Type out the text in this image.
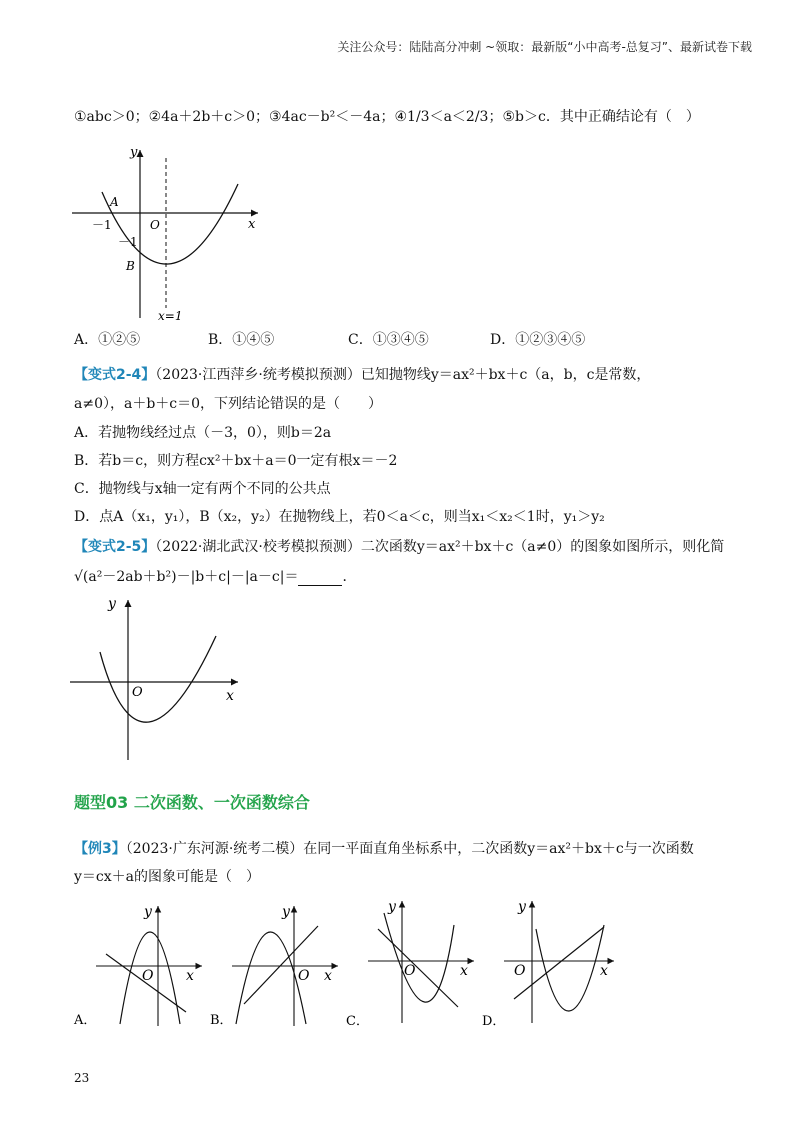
关注公众号：陆陆高分冲刺 ~领取：最新版“小中高考-总复习”、最新试卷下载
①abc＞0；②4a＋2b＋c＞0；③4ac－b²＜－4a；④1/3＜a＜2/3；⑤b＞c．其中正确结论有（　）
y
x
A
B
O
－1
－1
x=1
A．①②⑤	B．①④⑤	C．①③④⑤	D．①②③④⑤
【变式2-4】（2023·江西萍乡·统考模拟预测）已知抛物线y＝ax²＋bx＋c（a，b，c是常数，
a≠0），a＋b＋c＝0，下列结论错误的是（　　）
A．若抛物线经过点（－3，0），则b＝2a
B．若b＝c，则方程cx²＋bx＋a＝0一定有根x＝－2
C．抛物线与x轴一定有两个不同的公共点
D．点A（x₁，y₁），B（x₂，y₂）在抛物线上，若0＜a＜c，则当x₁＜x₂＜1时，y₁＞y₂
【变式2-5】（2022·湖北武汉·校考模拟预测）二次函数y＝ax²＋bx＋c（a≠0）的图象如图所示，则化简
√(a²－2ab＋b²)－|b＋c|－|a－c|＝	．
y
x
O
题型03 二次函数、一次函数综合
【例3】（2023·广东河源·统考二模）在同一平面直角坐标系中，二次函数y＝ax²＋bx＋c与一次函数
y＝cx＋a的图象可能是（　）
y
x
O
A．
y
x
O
B．
y
x
O
C．
y
x
O
D．
23
